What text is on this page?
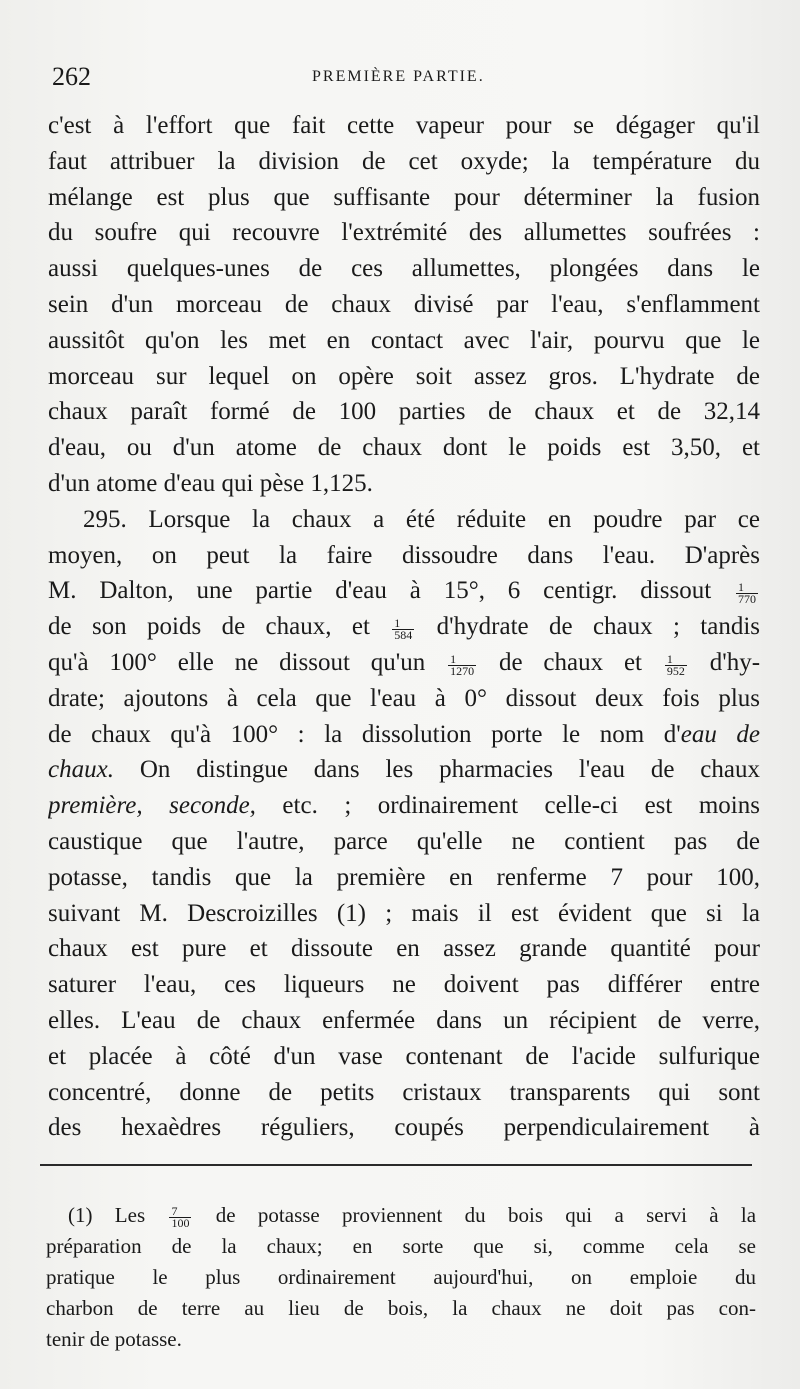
262	PREMIÈRE PARTIE.
c'est à l'effort que fait cette vapeur pour se dégager qu'il
faut attribuer la division de cet oxyde; la température du
mélange est plus que suffisante pour déterminer la fusion
du soufre qui recouvre l'extrémité des allumettes soufrées :
aussi quelques-unes de ces allumettes, plongées dans le
sein d'un morceau de chaux divisé par l'eau, s'enflamment
aussitôt qu'on les met en contact avec l'air, pourvu que le
morceau sur lequel on opère soit assez gros. L'hydrate de
chaux paraît formé de 100 parties de chaux et de 32,14
d'eau, ou d'un atome de chaux dont le poids est 3,50, et
d'un atome d'eau qui pèse 1,125.
295. Lorsque la chaux a été réduite en poudre par ce
moyen, on peut la faire dissoudre dans l'eau. D'après
M. Dalton, une partie d'eau à 15°, 6 centigr. dissout $\frac{1}{770}$
de son poids de chaux, et $\frac{1}{584}$ d'hydrate de chaux ; tandis
qu'à 100° elle ne dissout $qu'un \frac{1}{1270}$ de chaux et $\frac{1}{952} d'hy-$
drate; ajoutons à cela que l'eau à 0° dissout deux fois plus
de chaux qu'à 100° : la dissolution porte le nom d'eau de
chaux. On distingue dans les pharmacies l'eau de chaux
première, seconde, etc. ; ordinairement celle-ci est moins
caustique que l'autre, parce qu'elle ne contient pas de
potasse, tandis que la première en renferme 7 pour 100,
suivant M. Descroizilles (1) ; mais il est évident que si la
chaux est pure et dissoute en assez grande quantité pour
saturer l'eau, ces liqueurs ne doivent pas différer entre
elles. L'eau de chaux enfermée dans un récipient de verre,
et placée à côté d'un vase contenant de l'acide sulfurique
concentré, donne de petits cristaux transparents qui sont
des hexaèdres réguliers, coupés perpendiculairement à
(1) Les $\frac{7}{100}$ de potasse proviennent du bois qui a servi à la
préparation de la chaux; en sorte que si, comme cela se
pratique le plus ordinairement aujourd'hui, on emploie du
charbon de terre au lieu de bois, la chaux ne doit pas con-
tenir de potasse.
